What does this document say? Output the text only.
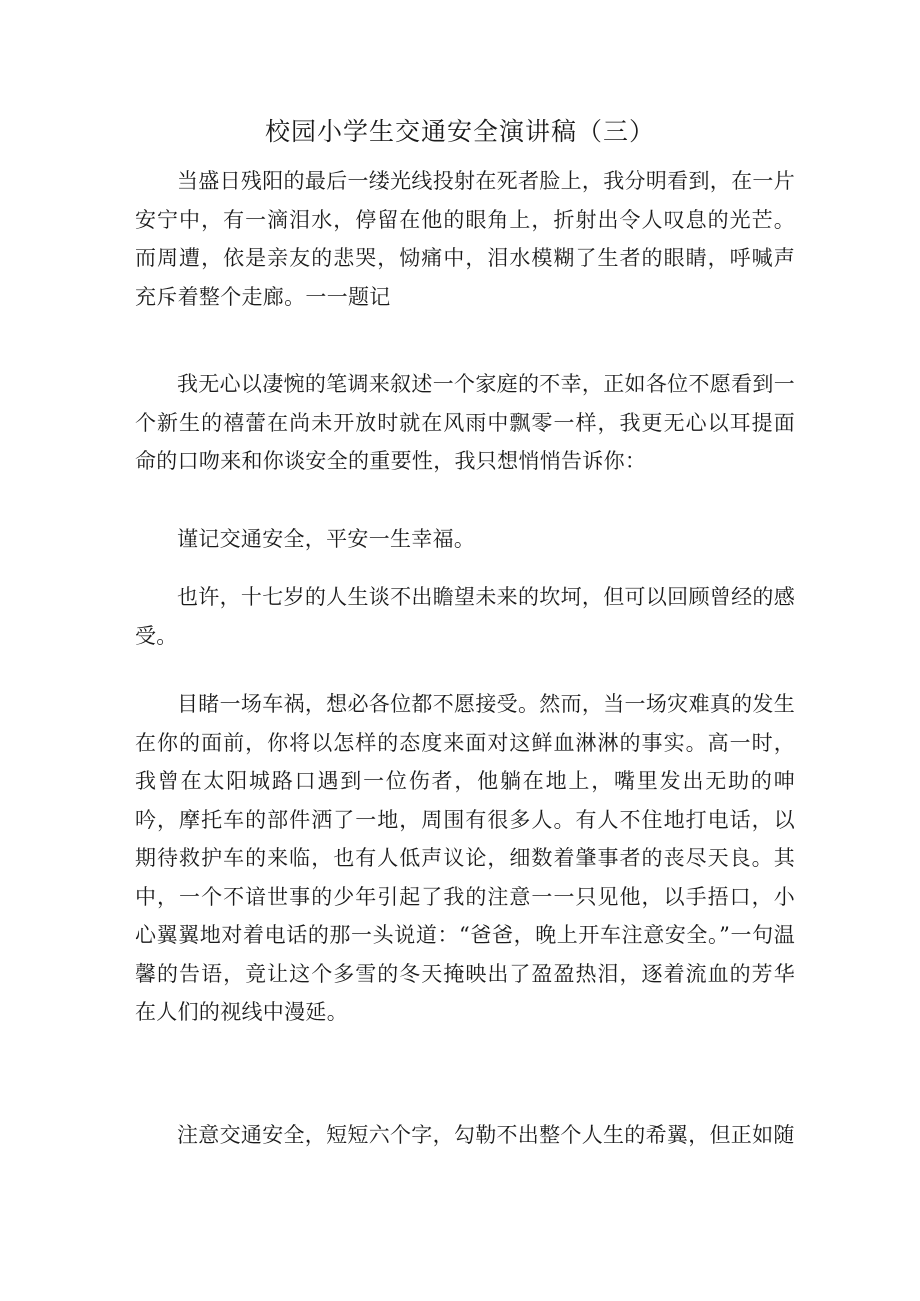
校园小学生交通安全演讲稿（三）

当盛日残阳的最后一缕光线投射在死者脸上，我分明看到，在一片安宁中，有一滴泪水，停留在他的眼角上，折射出令人叹息的光芒。而周遭，依是亲友的悲哭，恸痛中，泪水模糊了生者的眼睛，呼喊声充斥着整个走廊。一一题记

我无心以凄惋的笔调来叙述一个家庭的不幸，正如各位不愿看到一个新生的禧蕾在尚未开放时就在风雨中飘零一样，我更无心以耳提面命的口吻来和你谈安全的重要性，我只想悄悄告诉你：

谨记交通安全，平安一生幸福。

也许，十七岁的人生谈不出瞻望未来的坎坷，但可以回顾曾经的感受。

目睹一场车祸，想必各位都不愿接受。然而，当一场灾难真的发生在你的面前，你将以怎样的态度来面对这鲜血淋淋的事实。高一时，我曾在太阳城路口遇到一位伤者，他躺在地上，嘴里发出无助的呻吟，摩托车的部件洒了一地，周围有很多人。有人不住地打电话，以期待救护车的来临，也有人低声议论，细数着肇事者的丧尽天良。其中，一个不谙世事的少年引起了我的注意一一只见他，以手捂口，小心翼翼地对着电话的那一头说道：“爸爸，晚上开车注意安全。”一句温馨的告语，竟让这个多雪的冬天掩映出了盈盈热泪，逐着流血的芳华在人们的视线中漫延。

注意交通安全，短短六个字，勾勒不出整个人生的希翼，但正如随
